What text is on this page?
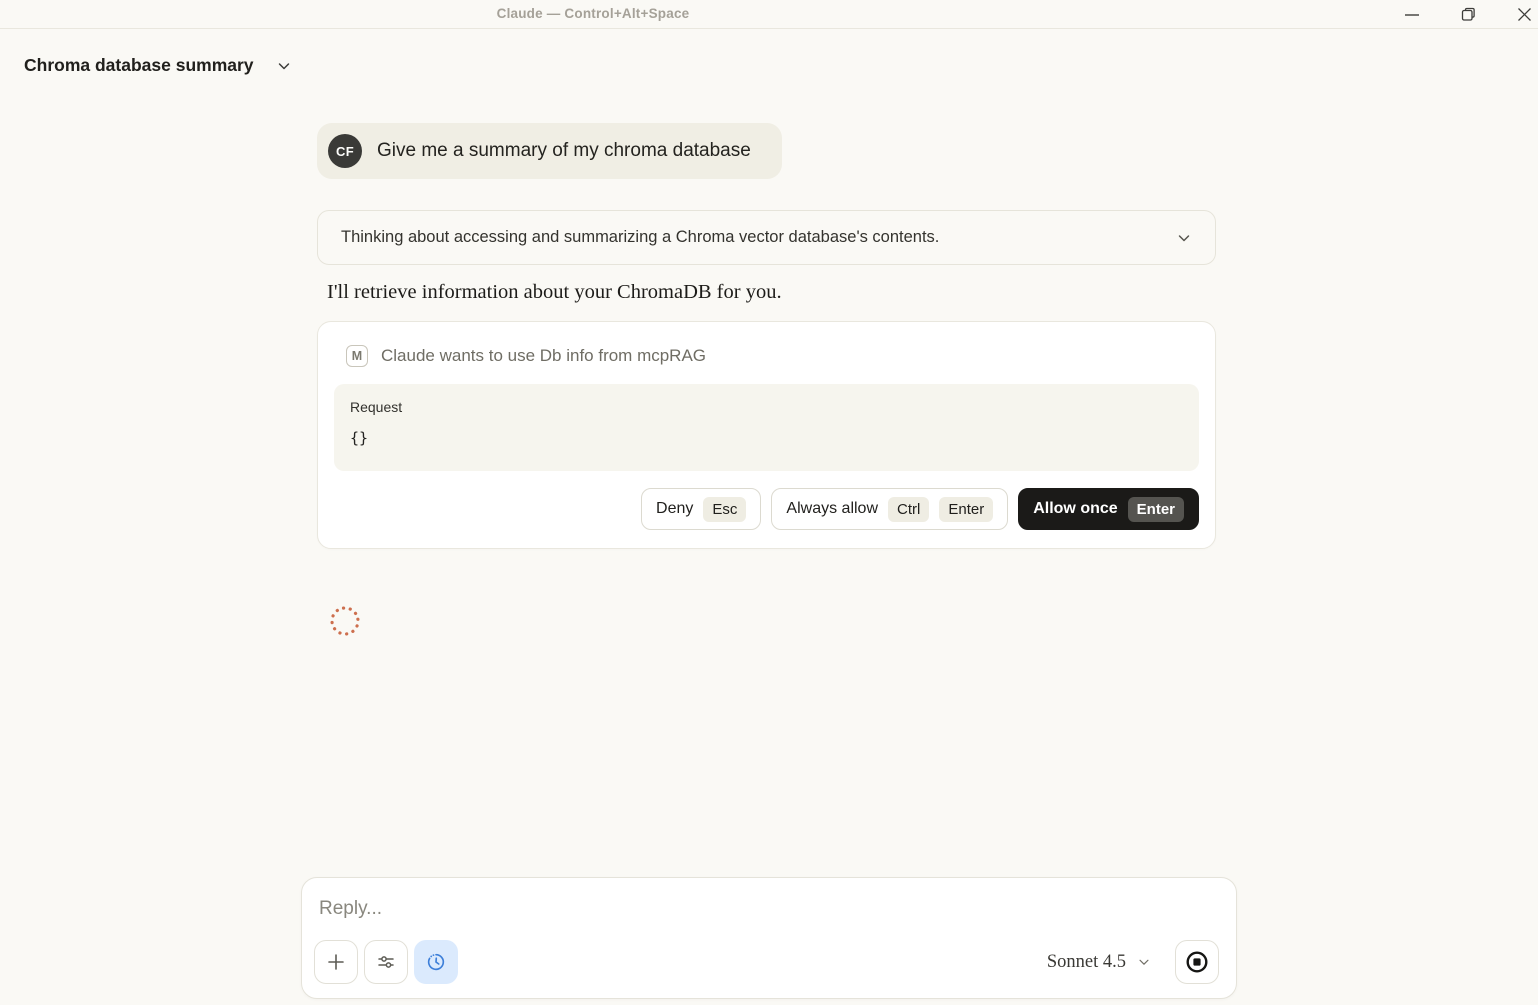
Claude — Control+Alt+Space
Chroma database summary
CF	Give me a summary of my chroma database
Thinking about accessing and summarizing a Chroma vector database's contents.
I'll retrieve information about your ChromaDB for you.
M	Claude wants to use Db info from mcpRAG
Request
{}
Deny	Esc	Always allow	Ctrl	Enter	Allow once	Enter
Reply...
Sonnet 4.5
